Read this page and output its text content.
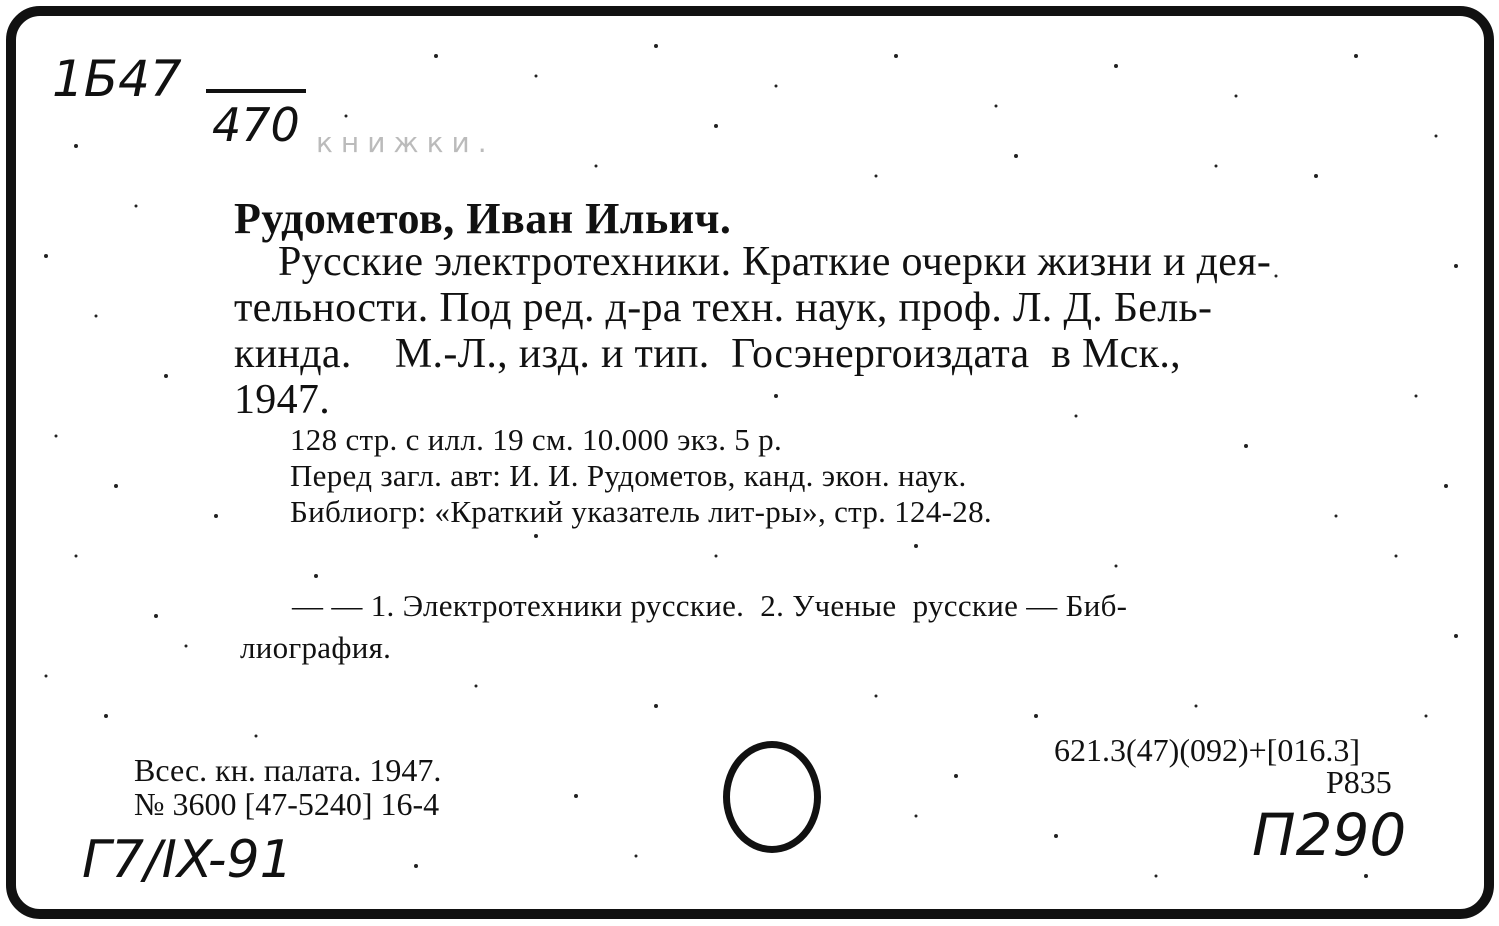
1Б47
470 книжки.
Рудометов, Иван Ильич.
Русские электротехники. Краткие очерки жизни и дея-
тельности. Под ред. д-ра техн. наук, проф. Л. Д. Бель-
кинда.    М.-Л., изд. и тип.  Госэнергоиздата  в Мск.,
1947.
128 стр. с илл. 19 см. 10.000 экз. 5 р.
Перед загл. авт: И. И. Рудометов, канд. экон. наук.
Библиогр: «Краткий указатель лит-ры», стр. 124-28.
— — 1. Электротехники русские.  2. Ученые  русские — Биб-
лиография.
Всес. кн. палата. 1947.
№ 3600 [47-5240] 16-4
621.3(47)(092)+[016.3]
Р835
Г7/IX-91	П290
